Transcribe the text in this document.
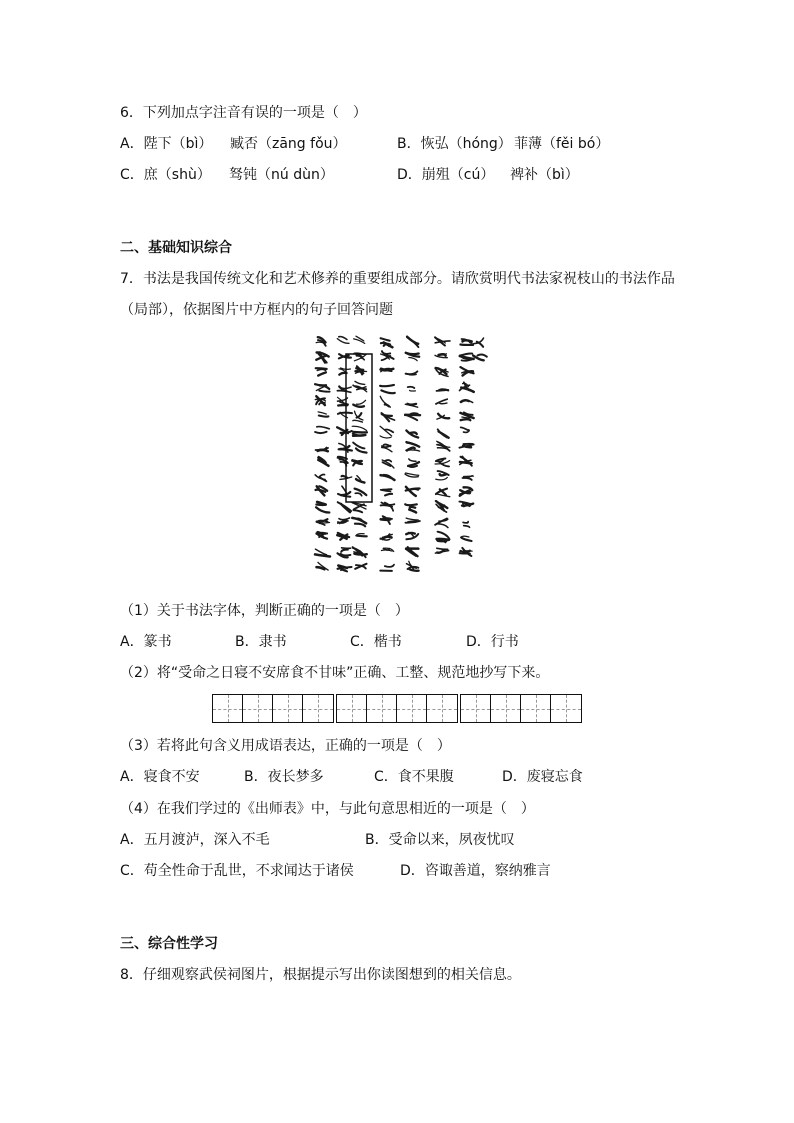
6．下列加点字注音有误的一项是（　）
A．陛下（bì） 臧否（zāng fǒu）	B．恢弘（hóng） 菲薄（fěi bó）
C．庶（shù） 驽钝（nú dùn）	D．崩殂（cú） 裨补（bì）
二、基础知识综合
7．书法是我国传统文化和艺术修养的重要组成部分。请欣赏明代书法家祝枝山的书法作品
（局部），依据图片中方框内的句子回答问题
（1）关于书法字体，判断正确的一项是（　）
A．篆书	B．隶书	C．楷书	D．行书
（2）将“受命之日寝不安席食不甘味”正确、工整、规范地抄写下来。
（3）若将此句含义用成语表达，正确的一项是（　）
A．寝食不安	B．夜长梦多	C．食不果腹	D．废寝忘食
（4）在我们学过的《出师表》中，与此句意思相近的一项是（　）
A．五月渡泸，深入不毛	B．受命以来，夙夜忧叹
C．苟全性命于乱世，不求闻达于诸侯	D．咨诹善道，察纳雅言
三、综合性学习
8．仔细观察武侯祠图片，根据提示写出你读图想到的相关信息。
